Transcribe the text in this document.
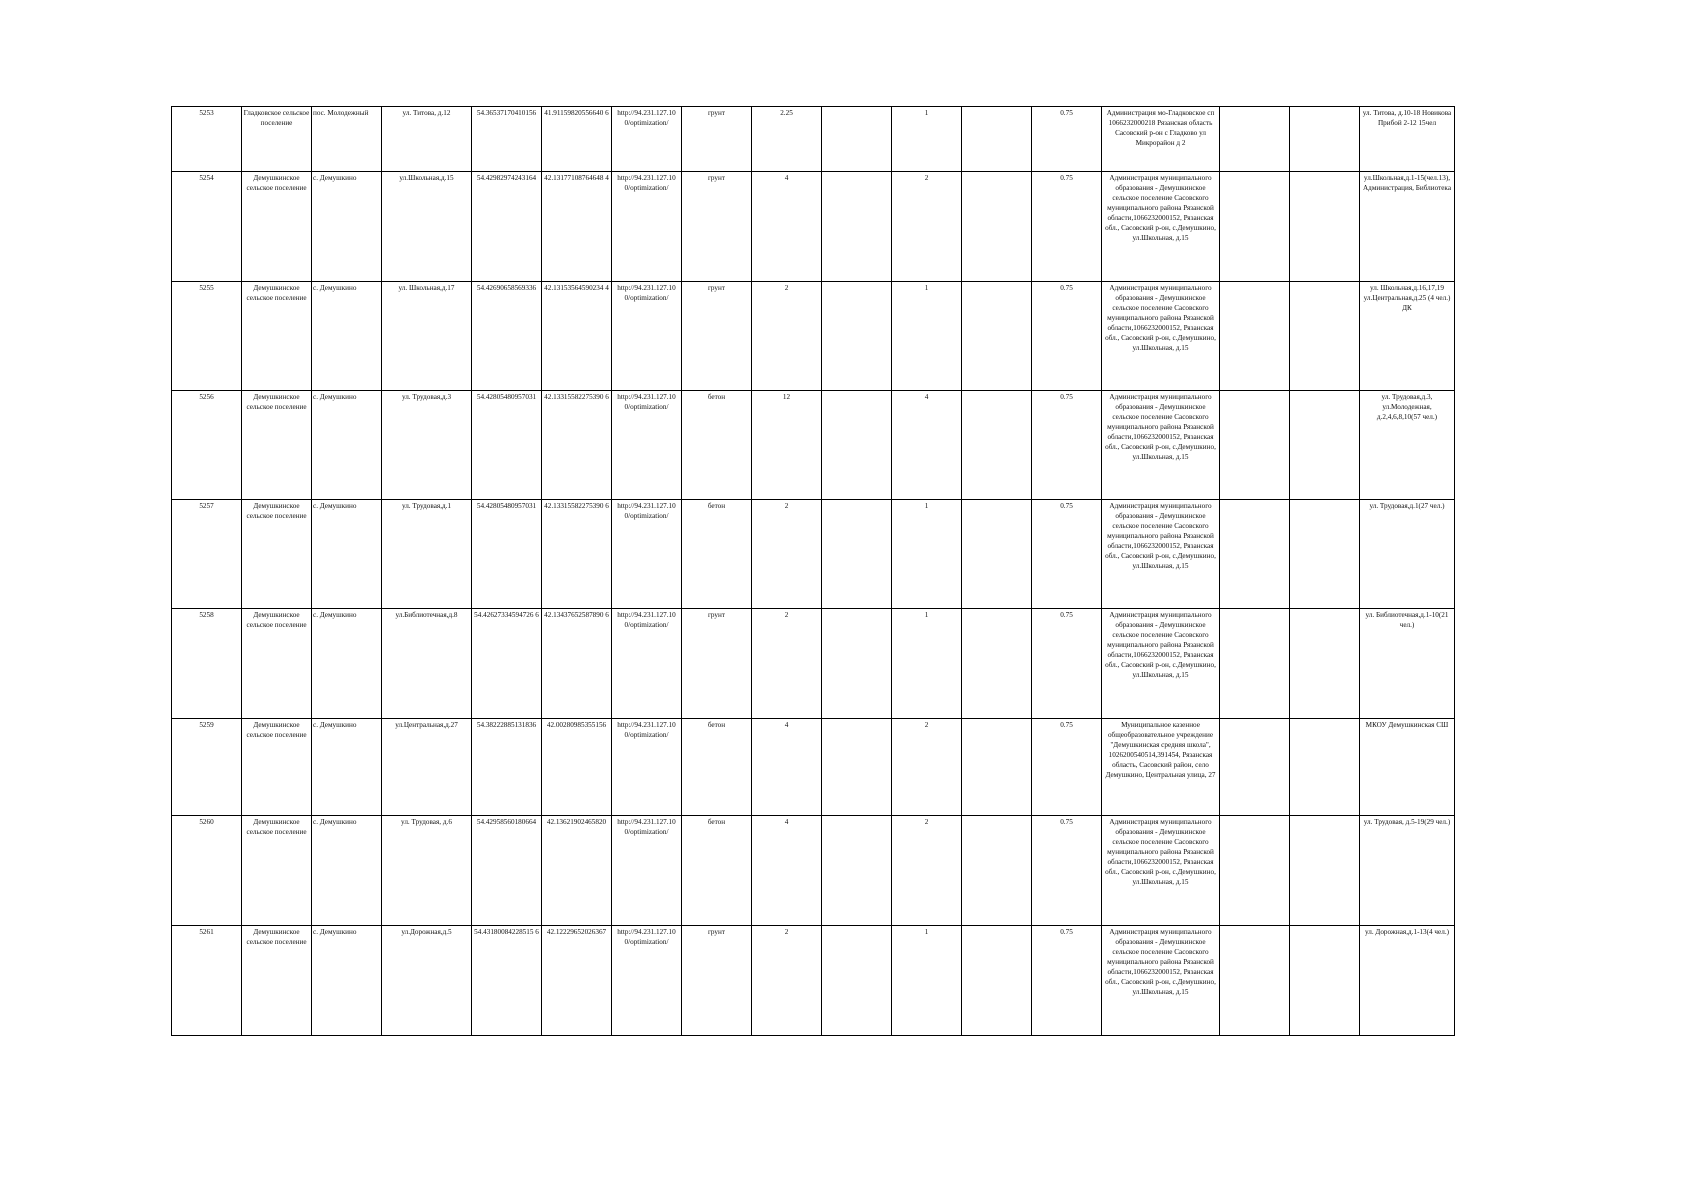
5253	Гладковское сельское поселение	пос. Молодежный	ул. Титова, д.12	54.36537170410156	41.91159820556640 6	http://94.231.127.10 0/optimization/	грунт	2.25		1		0.75	Администрация мо-Гладковское сп 1066232000218 Рязанская область Сасовский р-он с Гладково ул Микрорайон д 2			ул. Титова, д.10-18 Новикова Прибой 2-12 15чел
5254	Демушкинское сельское поселение	с. Демушкино	ул.Школьная,д.15	54.42982974243164	42.13177108764648 4	http://94.231.127.10 0/optimization/	грунт	4		2		0.75	Администрация муниципального образования - Демушкинское сельское поселение Сасовского муниципального района Рязанской области,1066232000152, Рязанская обл., Сасовский р-он, с.Демушкино, ул.Школьная, д.15			ул.Школьная,д.1-15(чел.13), Администрация, Библиотека
5255	Демушкинское сельское поселение	с. Демушкино	ул. Школьная,д.17	54.42690658569336	42.13153564590234 4	http://94.231.127.10 0/optimization/	грунт	2		1		0.75	Администрация муниципального образования - Демушкинское сельское поселение Сасовского муниципального района Рязанской области,1066232000152, Рязанская обл., Сасовский р-он, с.Демушкино, ул.Школьная, д.15			ул. Школьная,д.16,17,19 ул.Центральная,д.25 (4 чел.) ДК
5256	Демушкинское сельское поселение	с. Демушкино	ул. Трудовая,д.3	54.42805480957031	42.13315582275390 6	http://94.231.127.10 0/optimization/	бетон	12		4		0.75	Администрация муниципального образования - Демушкинское сельское поселение Сасовского муниципального района Рязанской области,1066232000152, Рязанская обл., Сасовский р-он, с.Демушкино, ул.Школьная, д.15			ул. Трудовая,д.3, ул.Молодежная, д.2,4,6,8,10(57 чел.)
5257	Демушкинское сельское поселение	с. Демушкино	ул. Трудовая,д.1	54.42805480957031	42.13315582275390 6	http://94.231.127.10 0/optimization/	бетон	2		1		0.75	Администрация муниципального образования - Демушкинское сельское поселение Сасовского муниципального района Рязанской области,1066232000152, Рязанская обл., Сасовский р-он, с.Демушкино, ул.Школьная, д.15			ул. Трудовая,д.1(27 чел.)
5258	Демушкинское сельское поселение	с. Демушкино	ул.Библиотечная,д.8	54.42627334594726 6	42.13437652587890 6	http://94.231.127.10 0/optimization/	грунт	2		1		0.75	Администрация муниципального образования - Демушкинское сельское поселение Сасовского муниципального района Рязанской области,1066232000152, Рязанская обл., Сасовский р-он, с.Демушкино, ул.Школьная, д.15			ул. Библиотечная,д.1-10(21 чел.)
5259	Демушкинское сельское поселение	с. Демушкино	ул.Центральная,д.27	54.38222885131836	42.00280985355156	http://94.231.127.10 0/optimization/	бетон	4		2		0.75	Муниципальное казенное общеобразовательное учреждение "Демушкинская средняя школа", 1026200540514,391454, Рязанская область, Сасовский район, село Демушкино, Центральная улица, 27			МКОУ Демушкинская СШ
5260	Демушкинское сельское поселение	с. Демушкино	ул. Трудовая, д.6	54.42958560180664	42.13621902465820	http://94.231.127.10 0/optimization/	бетон	4		2		0.75	Администрация муниципального образования - Демушкинское сельское поселение Сасовского муниципального района Рязанской области,1066232000152, Рязанская обл., Сасовский р-он, с.Демушкино, ул.Школьная, д.15			ул. Трудовая, д.5-19(29 чел.)
5261	Демушкинское сельское поселение	с. Демушкино	ул.Дорожная,д.5	54.43180084228515 6	42.12229652026367	http://94.231.127.10 0/optimization/	грунт	2		1		0.75	Администрация муниципального образования - Демушкинское сельское поселение Сасовского муниципального района Рязанской области,1066232000152, Рязанская обл., Сасовский р-он, с.Демушкино, ул.Школьная, д.15			ул. Дорожная,д.1-13(4 чел.)
